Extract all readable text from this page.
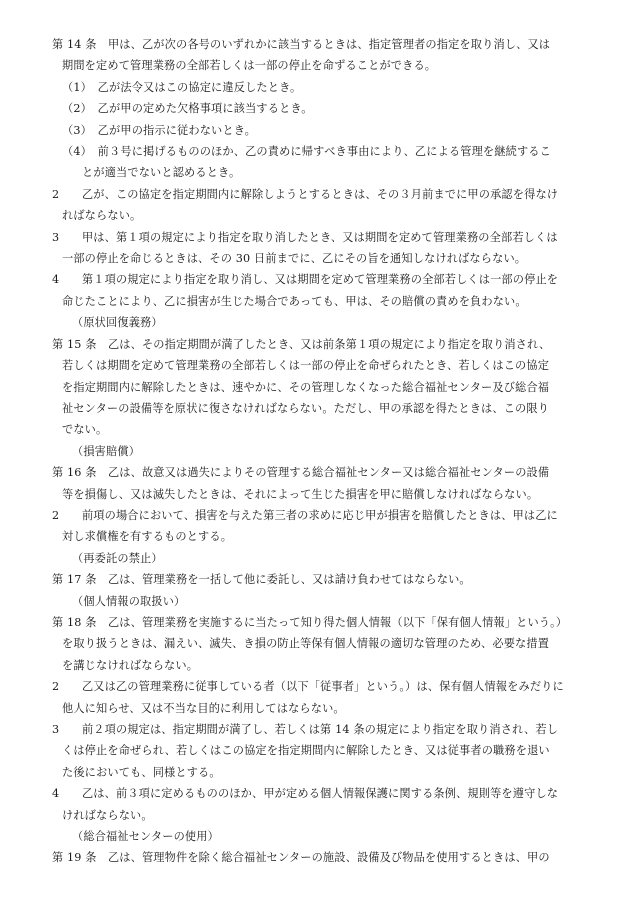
第 14 条　甲は、乙が次の各号のいずれかに該当するときは、指定管理者の指定を取り消し、又は
期間を定めて管理業務の全部若しくは一部の停止を命ずることができる。
（1）　乙が法令又はこの協定に違反したとき。
（2）　乙が甲の定めた欠格事項に該当するとき。
（3）　乙が甲の指示に従わないとき。
（4）　前３号に掲げるもののほか、乙の責めに帰すべき事由により、乙による管理を継続するこ
とが適当でないと認めるとき。
2　　乙が、この協定を指定期間内に解除しようとするときは、その３月前までに甲の承認を得なけ
ればならない。
3　　甲は、第１項の規定により指定を取り消したとき、又は期間を定めて管理業務の全部若しくは
一部の停止を命じるときは、その 30 日前までに、乙にその旨を通知しなければならない。
4　　第１項の規定により指定を取り消し、又は期間を定めて管理業務の全部若しくは一部の停止を
命じたことにより、乙に損害が生じた場合であっても、甲は、その賠償の責めを負わない。
（原状回復義務）
第 15 条　乙は、その指定期間が満了したとき、又は前条第１項の規定により指定を取り消され、
若しくは期間を定めて管理業務の全部若しくは一部の停止を命ぜられたとき、若しくはこの協定
を指定期間内に解除したときは、速やかに、その管理しなくなった総合福祉センター及び総合福
祉センターの設備等を原状に復さなければならない。ただし、甲の承認を得たときは、この限り
でない。
（損害賠償）
第 16 条　乙は、故意又は過失によりその管理する総合福祉センター又は総合福祉センターの設備
等を損傷し、又は滅失したときは、それによって生じた損害を甲に賠償しなければならない。
2　　前項の場合において、損害を与えた第三者の求めに応じ甲が損害を賠償したときは、甲は乙に
対し求償権を有するものとする。
（再委託の禁止）
第 17 条　乙は、管理業務を一括して他に委託し、又は請け負わせてはならない。
（個人情報の取扱い）
第 18 条　乙は、管理業務を実施するに当たって知り得た個人情報（以下「保有個人情報」という。）
を取り扱うときは、漏えい、滅失、き損の防止等保有個人情報の適切な管理のため、必要な措置
を講じなければならない。
2　　乙又は乙の管理業務に従事している者（以下「従事者」という。）は、保有個人情報をみだりに
他人に知らせ、又は不当な目的に利用してはならない。
3　　前２項の規定は、指定期間が満了し、若しくは第 14 条の規定により指定を取り消され、若し
くは停止を命ぜられ、若しくはこの協定を指定期間内に解除したとき、又は従事者の職務を退い
た後においても、同様とする。
4　　乙は、前３項に定めるもののほか、甲が定める個人情報保護に関する条例、規則等を遵守しな
ければならない。
（総合福祉センターの使用）
第 19 条　乙は、管理物件を除く総合福祉センターの施設、設備及び物品を使用するときは、甲の
